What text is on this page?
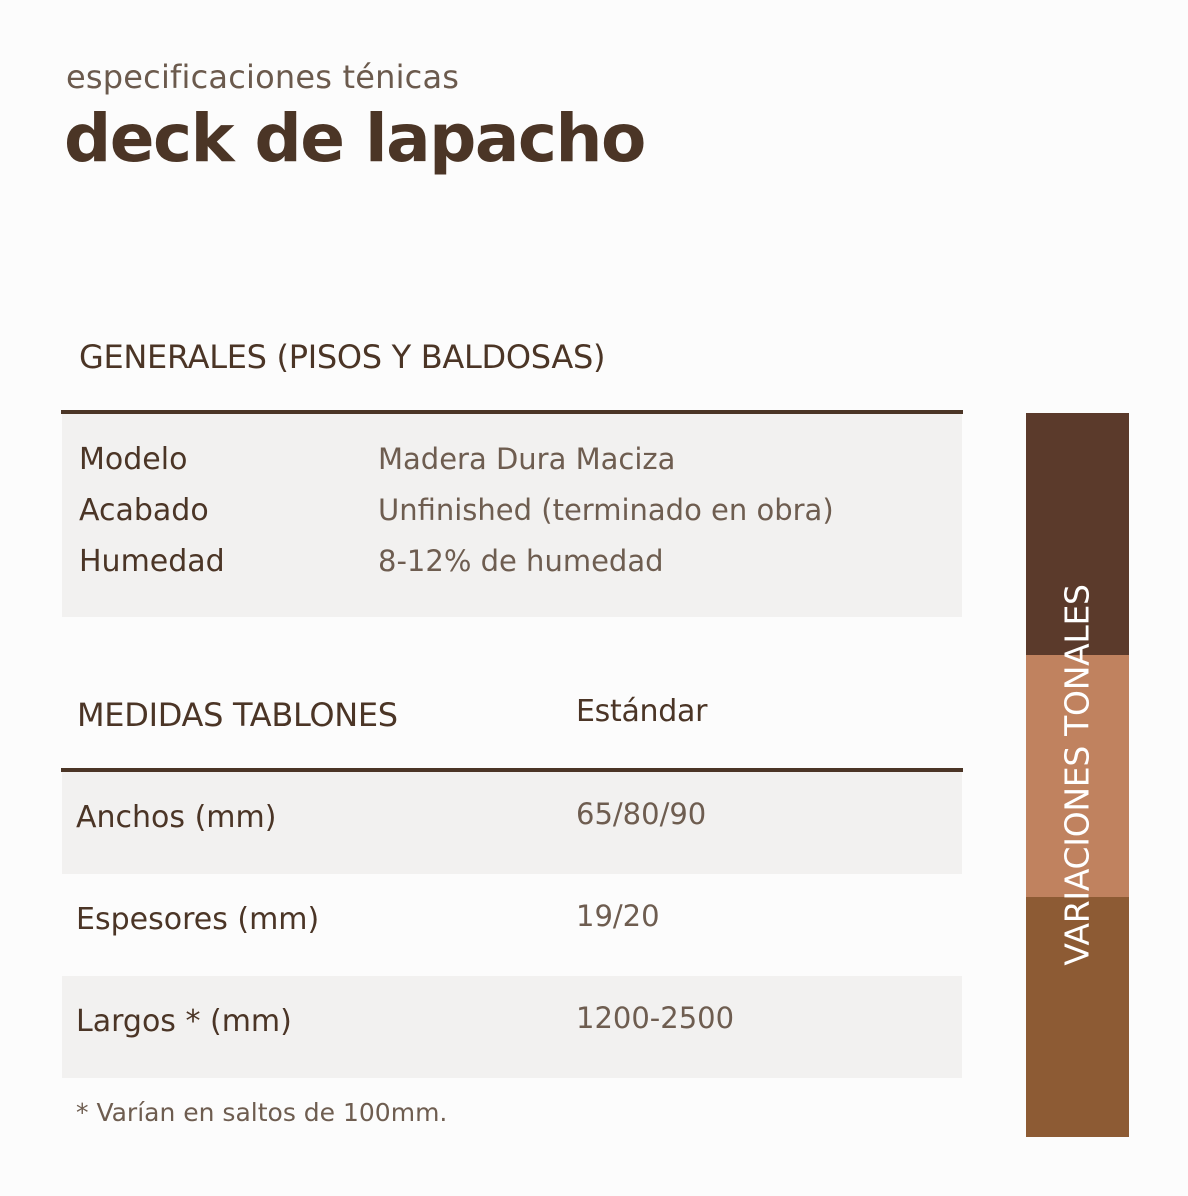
especificaciones ténicas
deck de lapacho
GENERALES (PISOS Y BALDOSAS)
Modelo	Madera Dura Maciza
Acabado	Unfinished (terminado en obra)
Humedad	8-12% de humedad
MEDIDAS TABLONES	Estándar
Anchos (mm)	65/80/90
Espesores (mm)	19/20
Largos * (mm)	1200-2500
* Varían en saltos de 100mm.
VARIACIONES TONALES
